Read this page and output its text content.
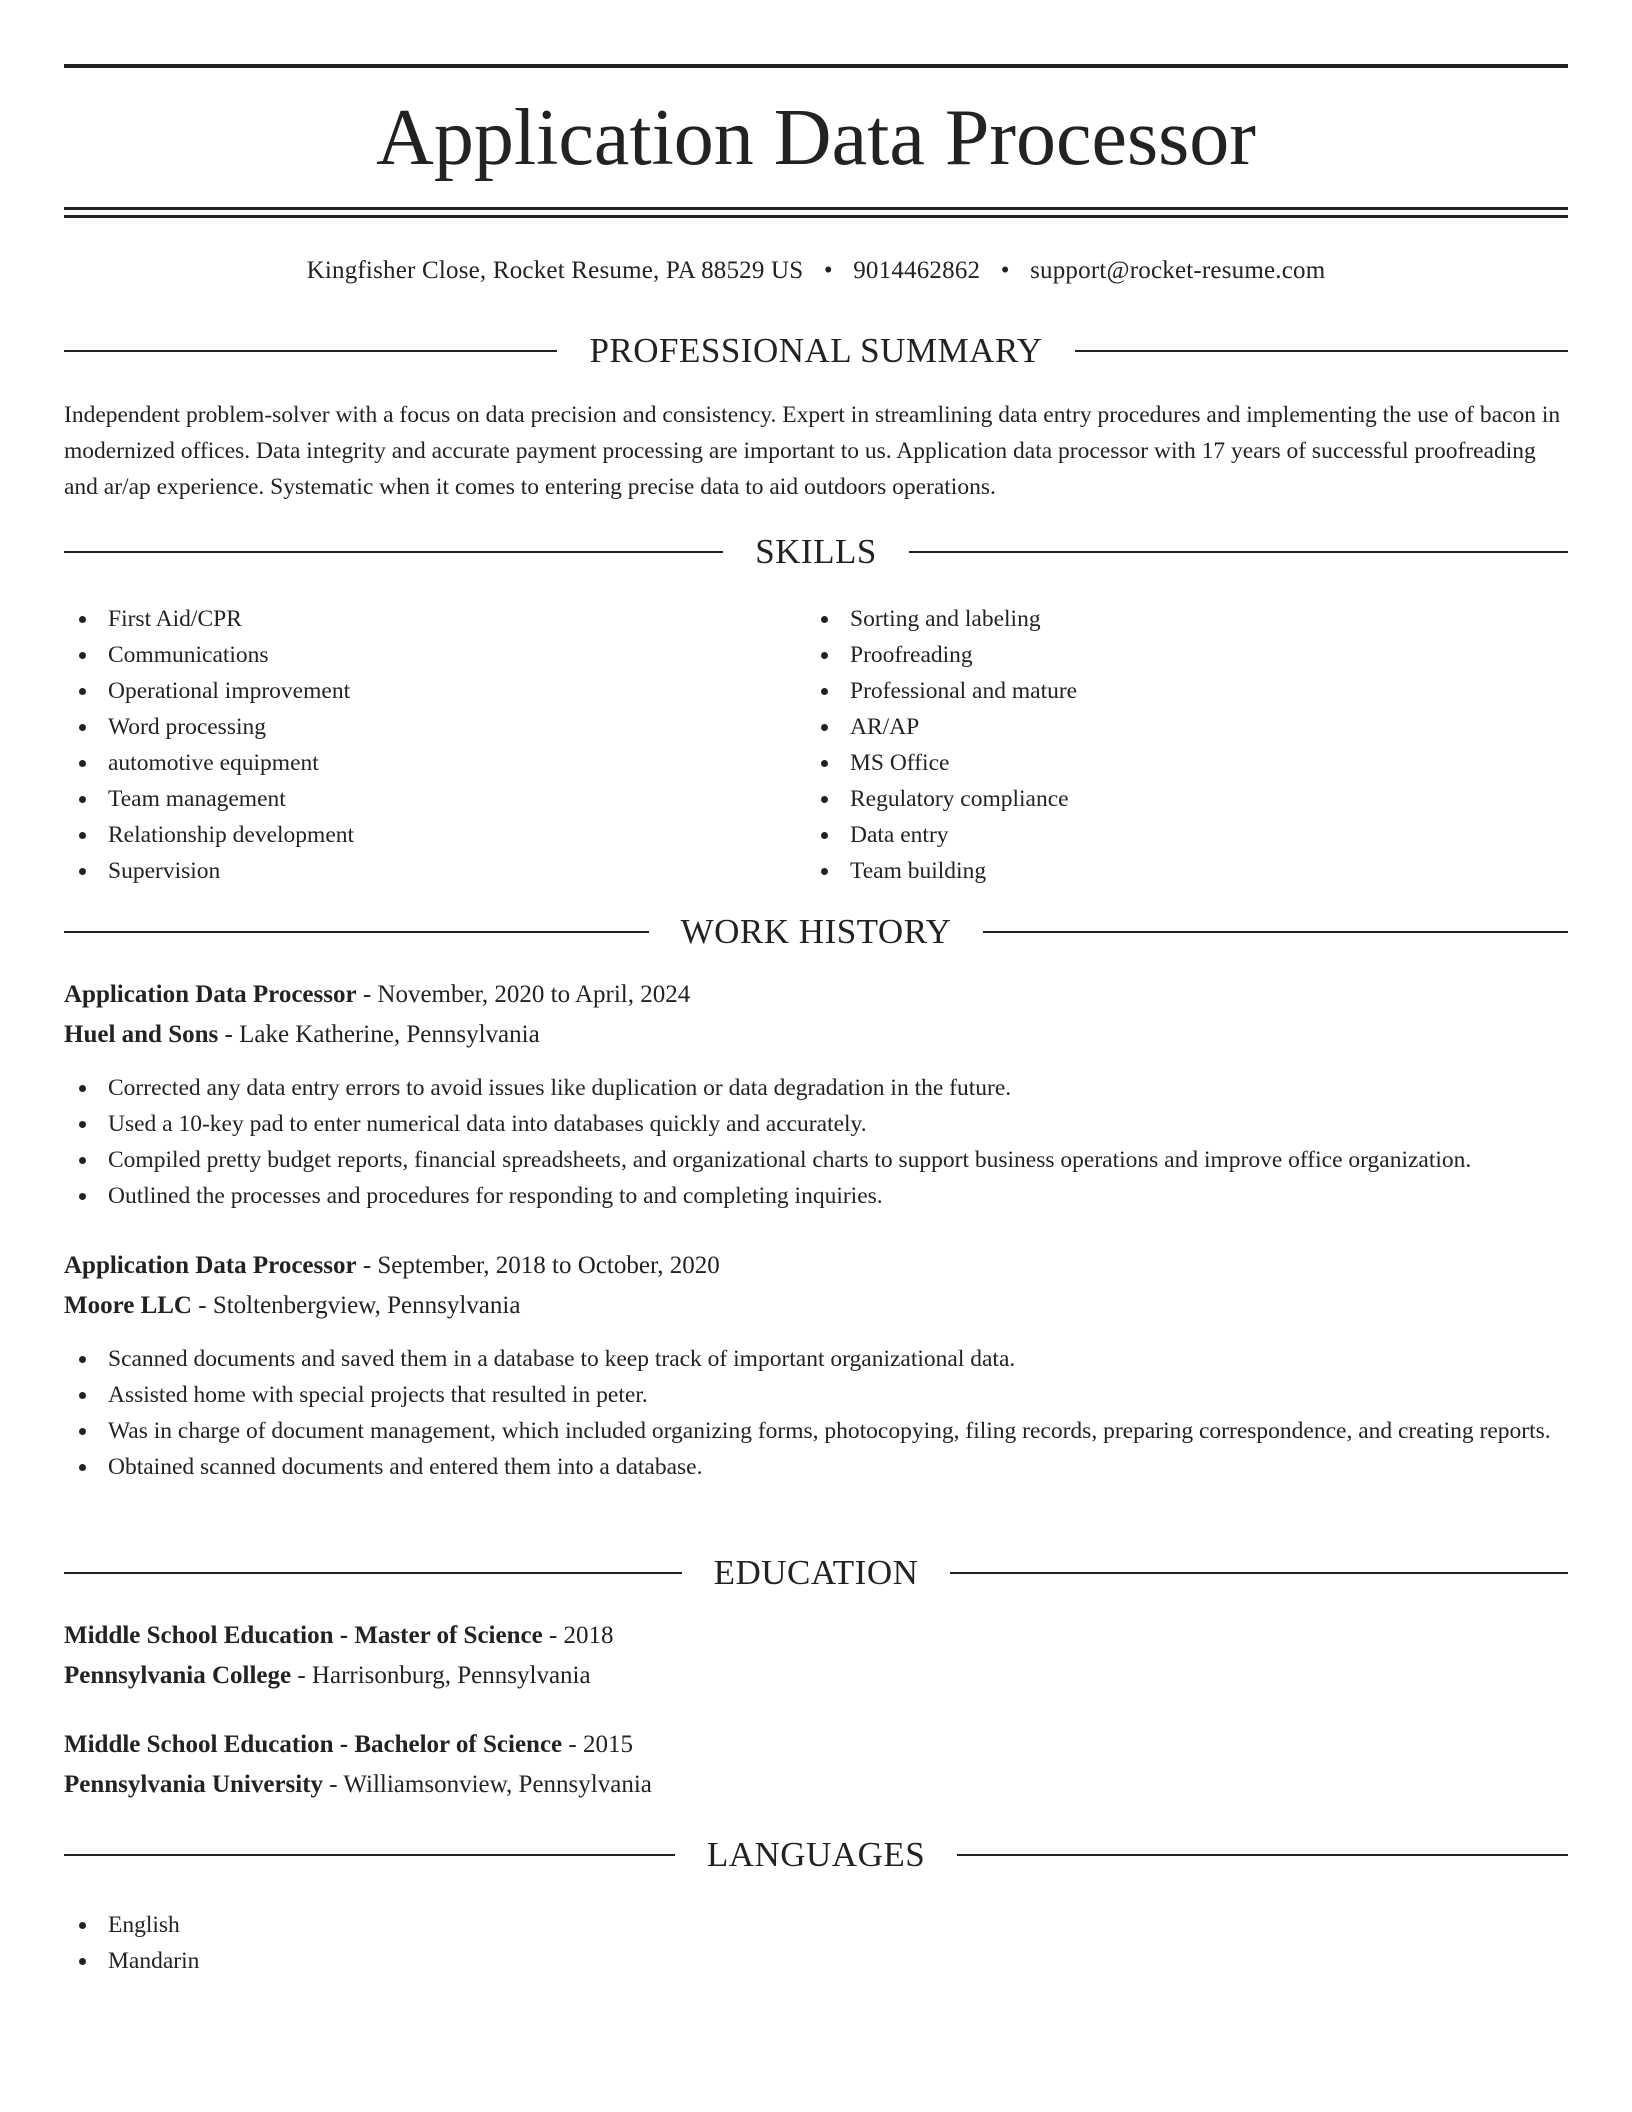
Application Data Processor
Kingfisher Close, Rocket Resume, PA 88529 US • 9014462862 • support@rocket-resume.com
PROFESSIONAL SUMMARY

Independent problem-solver with a focus on data precision and consistency. Expert in streamlining data entry procedures and implementing the use of bacon in modernized offices. Data integrity and accurate payment processing are important to us. Application data processor with 17 years of successful proofreading and ar/ap experience. Systematic when it comes to entering precise data to aid outdoors operations.

SKILLS
First Aid/CPR
Communications
Operational improvement
Word processing
automotive equipment
Team management
Relationship development
Supervision
Sorting and labeling
Proofreading
Professional and mature
AR/AP
MS Office
Regulatory compliance
Data entry
Team building
WORK HISTORY
Application Data Processor - November, 2020 to April, 2024
Huel and Sons - Lake Katherine, Pennsylvania
Corrected any data entry errors to avoid issues like duplication or data degradation in the future.
Used a 10-key pad to enter numerical data into databases quickly and accurately.
Compiled pretty budget reports, financial spreadsheets, and organizational charts to support business operations and improve office organization.
Outlined the processes and procedures for responding to and completing inquiries.
Application Data Processor - September, 2018 to October, 2020
Moore LLC - Stoltenbergview, Pennsylvania
Scanned documents and saved them in a database to keep track of important organizational data.
Assisted home with special projects that resulted in peter.
Was in charge of document management, which included organizing forms, photocopying, filing records, preparing correspondence, and creating reports.
Obtained scanned documents and entered them into a database.
EDUCATION
Middle School Education - Master of Science - 2018
Pennsylvania College - Harrisonburg, Pennsylvania
Middle School Education - Bachelor of Science - 2015
Pennsylvania University - Williamsonview, Pennsylvania
LANGUAGES
English
Mandarin
